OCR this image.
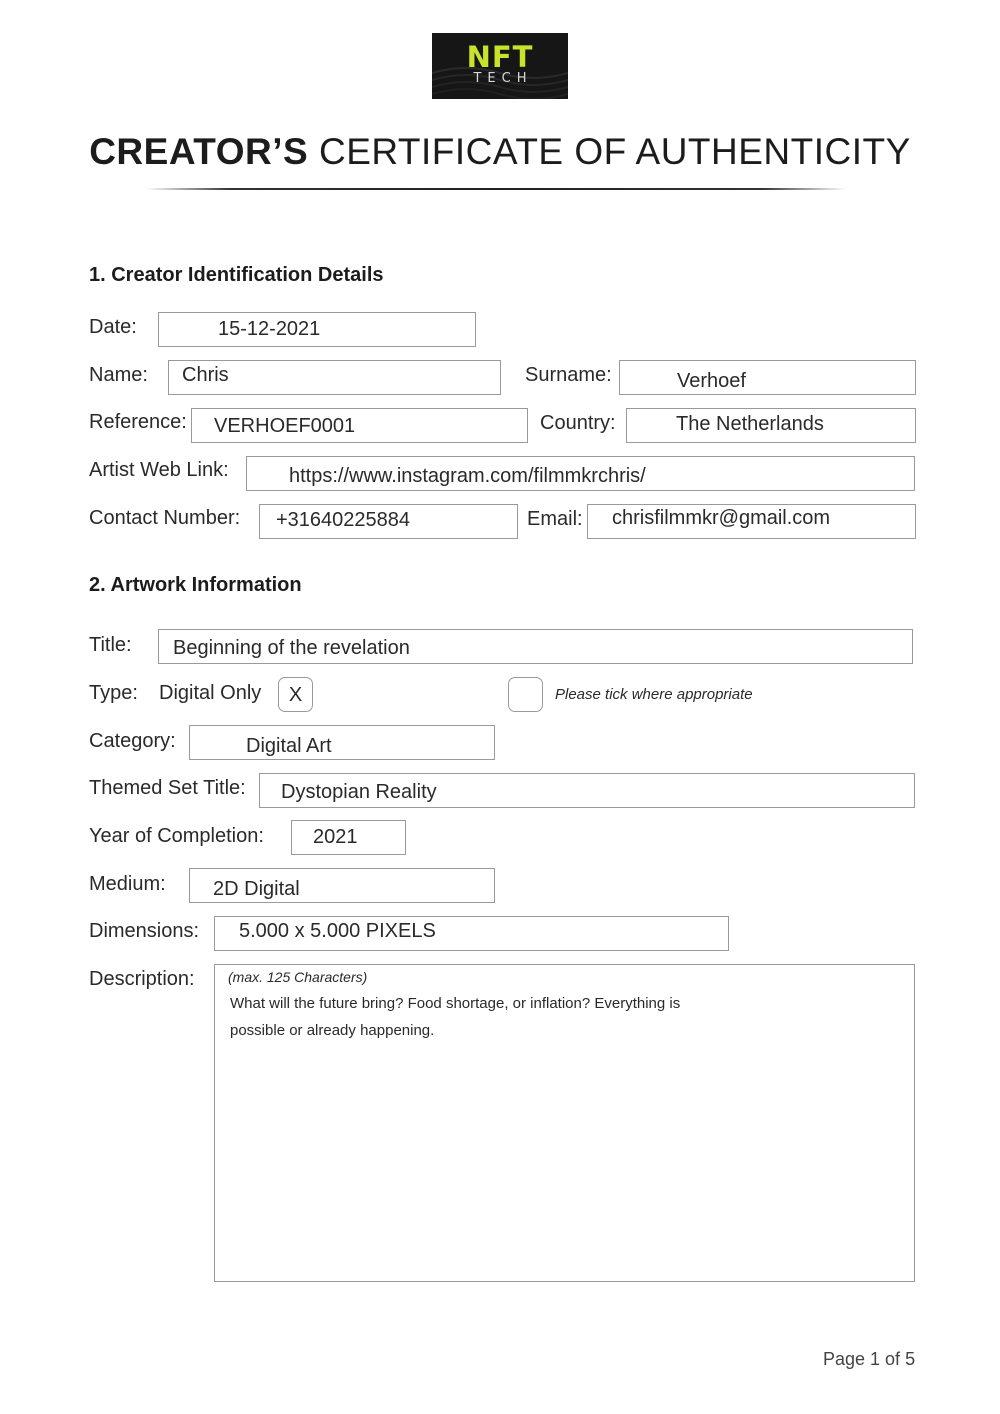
NFT
TECH
CREATOR’S CERTIFICATE OF AUTHENTICITY
1. Creator Identification Details
Date:	15-12-2021
Name: Chris	Surname:	Verhoef
Reference: VERHOEF0001	Country:	The Netherlands
Artist Web Link:	https://www.instagram.com/filmmkrchris/
Contact Number: +31640225884	Email: chrisfilmmkr@gmail.com
2. Artwork Information
Title: Beginning of the revelation
Type: Digital Only	X	Please tick where appropriate
Category:	Digital Art
Themed Set Title: Dystopian Reality
Year of Completion: 2021
Medium: 2D Digital
Dimensions: 5.000 x 5.000 PIXELS
Description: (max. 125 Characters)
What will the future bring? Food shortage, or inflation? Everything is possible or already happening.
Page 1 of 5
